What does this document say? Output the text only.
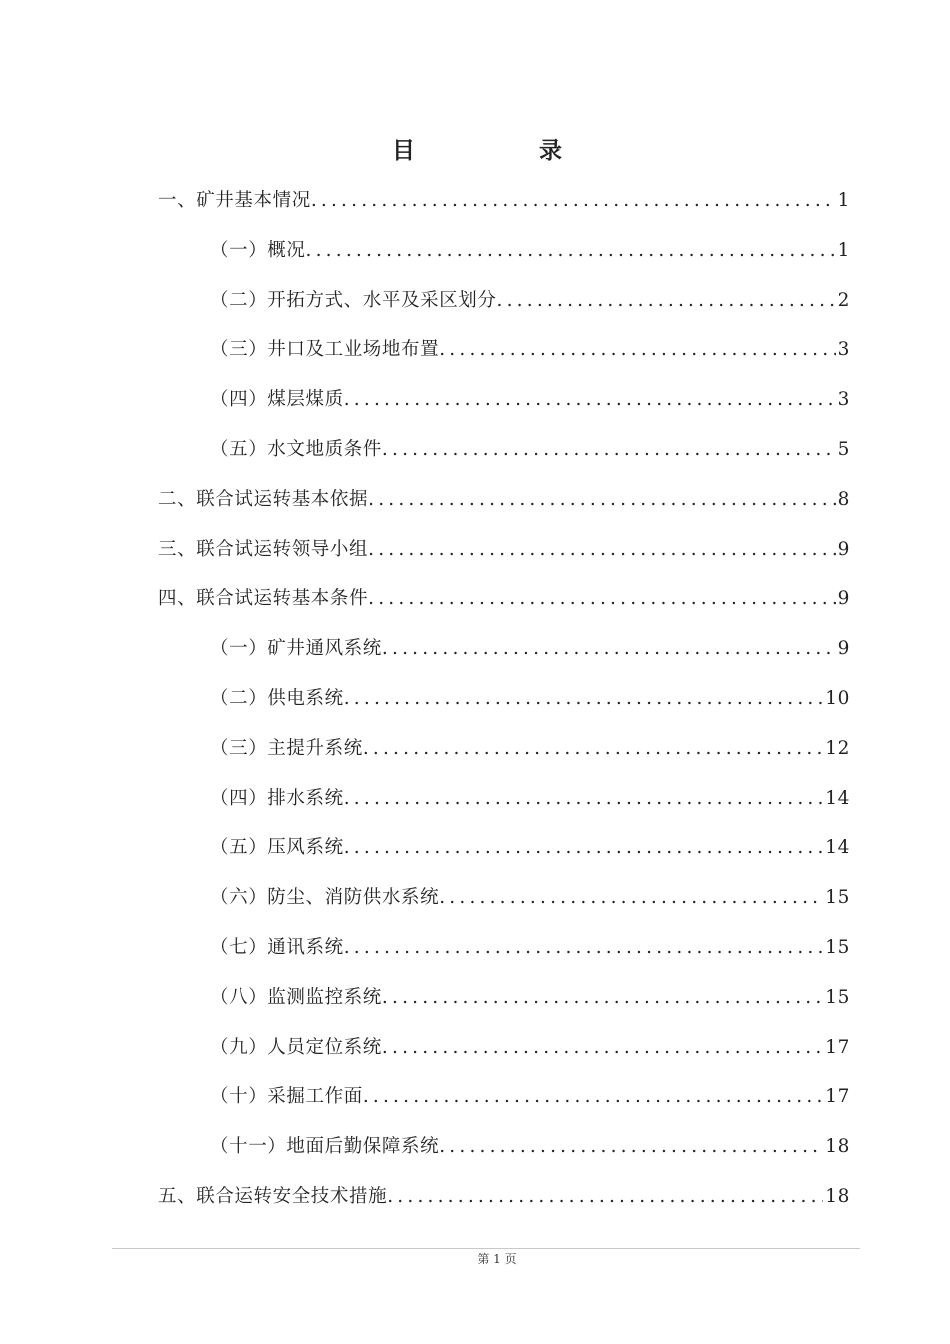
目 录
一、矿井基本情况 .....	1
（一）概况 .....	1
（二）开拓方式、水平及采区划分 .....	2
（三）井口及工业场地布置 .....	3
（四）煤层煤质 .....	3
（五）水文地质条件 .....	5
二、联合试运转基本依据 .....	8
三、联合试运转领导小组 .....	9
四、联合试运转基本条件 .....	9
（一）矿井通风系统 .....	9
（二）供电系统 .....	10
（三）主提升系统 .....	12
（四）排水系统 .....	14
（五）压风系统 .....	14
（六）防尘、消防供水系统 .....	15
（七）通讯系统 .....	15
（八）监测监控系统 .....	15
（九）人员定位系统 .....	17
（十）采掘工作面 .....	17
（十一）地面后勤保障系统 .....	18
五、联合运转安全技术措施 .....	18
第 1 页
